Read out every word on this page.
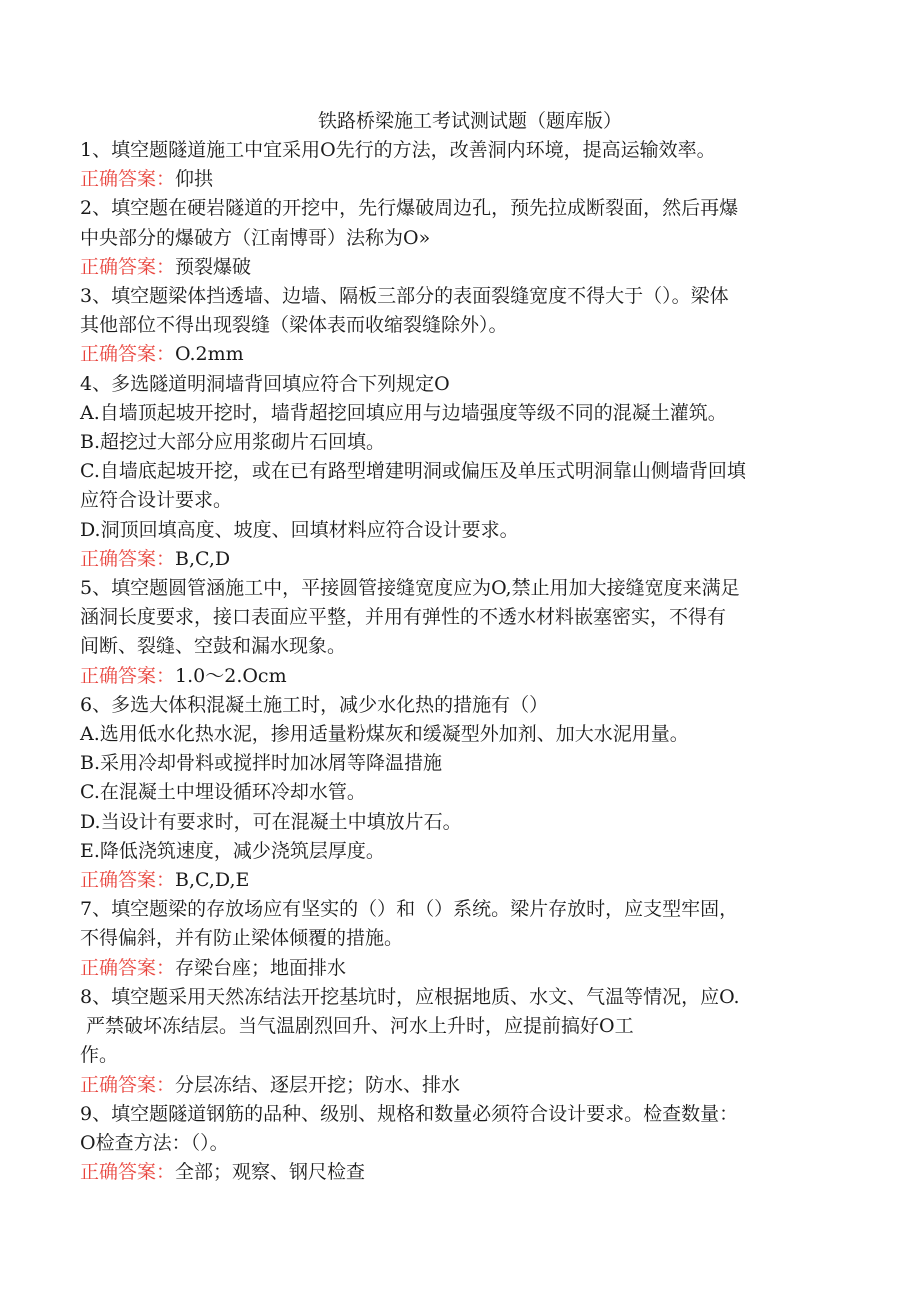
铁路桥梁施工考试测试题（题库版）
1、填空题隧道施工中宜采用O先行的方法，改善洞内环境，提高运输效率。
正确答案：仰拱
2、填空题在硬岩隧道的开挖中，先行爆破周边孔，预先拉成断裂面，然后再爆
中央部分的爆破方（江南博哥）法称为O»
正确答案：预裂爆破
3、填空题梁体挡透墙、边墙、隔板三部分的表面裂缝宽度不得大于（）。梁体
其他部位不得出现裂缝（梁体表而收缩裂缝除外）。
正确答案：O.2mm
4、多选隧道明洞墙背回填应符合下列规定O
A.自墙顶起坡开挖时，墙背超挖回填应用与边墙强度等级不同的混凝土灌筑。
B.超挖过大部分应用浆砌片石回填。
C.自墙底起坡开挖，或在已有路型增建明洞或偏压及单压式明洞靠山侧墙背回填
应符合设计要求。
D.洞顶回填高度、坡度、回填材料应符合设计要求。
正确答案：B,C,D
5、填空题圆管涵施工中，平接圆管接缝宽度应为O,禁止用加大接缝宽度来满足
涵洞长度要求，接口表面应平整，并用有弹性的不透水材料嵌塞密实，不得有
间断、裂缝、空鼓和漏水现象。
正确答案：1.0〜2.Ocm
6、多选大体积混凝土施工时，减少水化热的措施有（）
A.选用低水化热水泥，掺用适量粉煤灰和缓凝型外加剂、加大水泥用量。
B.采用冷却骨料或搅拌时加冰屑等降温措施
C.在混凝土中埋设循环冷却水管。
D.当设计有要求时，可在混凝土中填放片石。
E.降低浇筑速度，减少浇筑层厚度。
正确答案：B,C,D,E
7、填空题梁的存放场应有坚实的（）和（）系统。梁片存放时，应支型牢固，
不得偏斜，并有防止梁体倾覆的措施。
正确答案：存梁台座；地面排水
8、填空题采用天然冻结法开挖基坑时，应根据地质、水文、气温等情况，应O.
严禁破坏冻结层。当气温剧烈回升、河水上升时，应提前搞好O工
作。
正确答案：分层冻结、逐层开挖；防水、排水
9、填空题隧道钢筋的品种、级别、规格和数量必须符合设计要求。检查数量：
O检查方法：（）。
正确答案：全部；观察、钢尺检查
